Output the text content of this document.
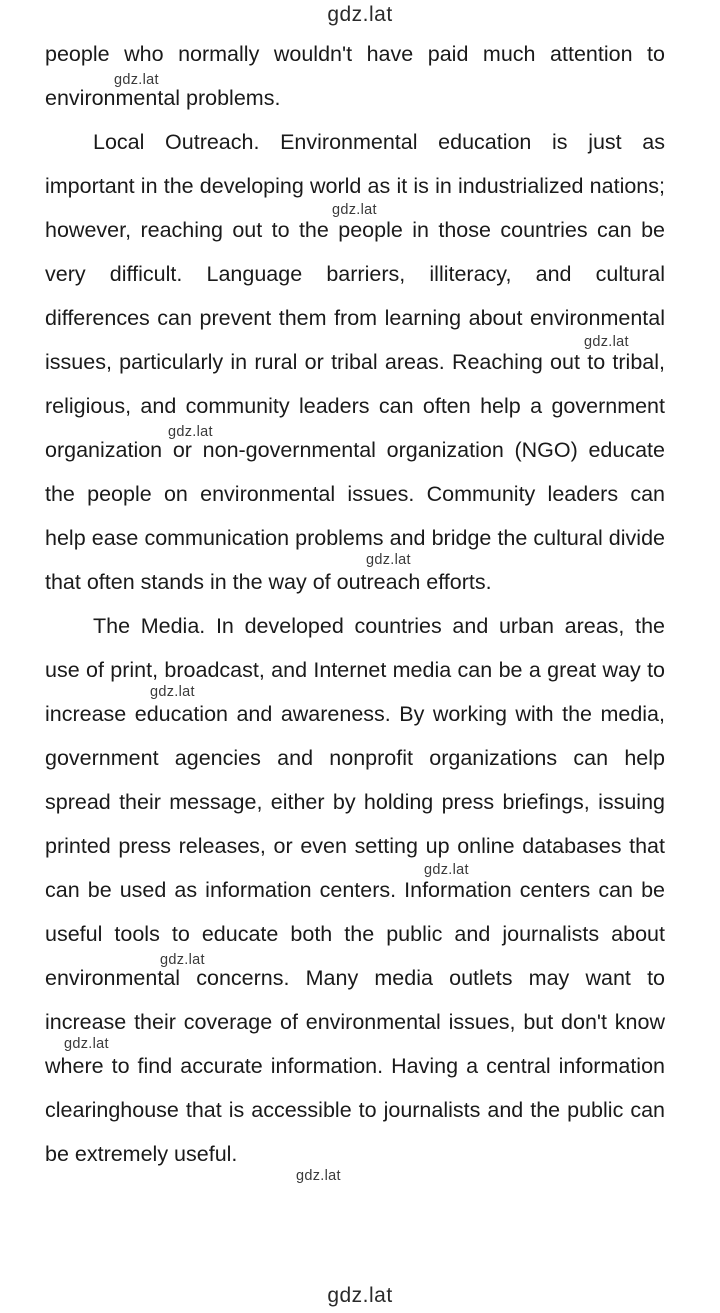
gdz.lat

people who normally wouldn't have paid much attention to environmental problems.

Local Outreach. Environmental education is just as important in the developing world as it is in industrialized nations; however, reaching out to the people in those countries can be very difficult. Language barriers, illiteracy, and cultural differences can prevent them from learning about environmental issues, particularly in rural or tribal areas. Reaching out to tribal, religious, and community leaders can often help a government organization or non-governmental organization (NGO) educate the people on environmental issues. Community leaders can help ease communication problems and bridge the cultural divide that often stands in the way of outreach efforts.

The Media. In developed countries and urban areas, the use of print, broadcast, and Internet media can be a great way to increase education and awareness. By working with the media, government agencies and nonprofit organizations can help spread their message, either by holding press briefings, issuing printed press releases, or even setting up online databases that can be used as information centers. Information centers can be useful tools to educate both the public and journalists about environmental concerns. Many media outlets may want to increase their coverage of environmental issues, but don't know where to find accurate information. Having a central information clearinghouse that is accessible to journalists and the public can be extremely useful.

gdz.lat
gdz.lat
gdz.lat
gdz.lat
gdz.lat
gdz.lat
gdz.lat
gdz.lat
gdz.lat
gdz.lat
gdz.lat
